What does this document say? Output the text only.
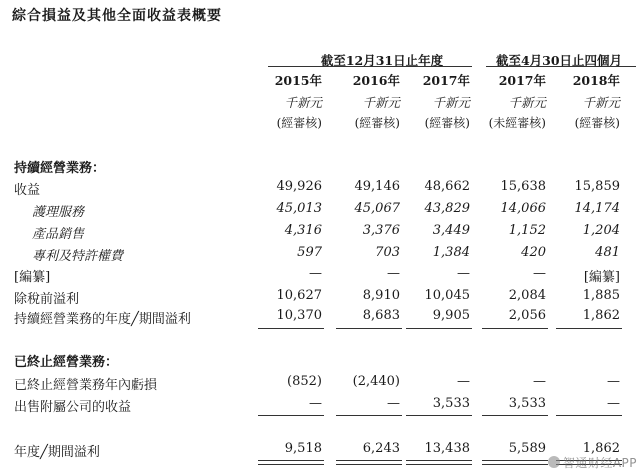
綜合損益及其他全面收益表概要
截至12月31日止年度	截至4月30日止四個月
2015年	2016年	2017年	2017年	2018年
千新元	千新元	千新元	千新元	千新元
(經審核)	(經審核)	(經審核)	(未經審核)	(經審核)
持續經營業務：
收益	49,926	49,146	48,662	15,638	15,859
護理服務	45,013	45,067	43,829	14,066	14,174
產品銷售	4,316	3,376	3,449	1,152	1,204
專利及特許權費	597	703	1,384	420	481
[編纂]	—	—	—	—	[編纂]
除稅前溢利	10,627	8,910	10,045	2,084	1,885
持續經營業務的年度╱期間溢利	10,370	8,683	9,905	2,056	1,862
已終止經營業務：
已終止經營業務年內虧損	(852)	(2,440)	—	—	—
出售附屬公司的收益	—	—	3,533	3,533	—
年度╱期間溢利	9,518	6,243	13,438	5,589	1,862
智通财经APP
